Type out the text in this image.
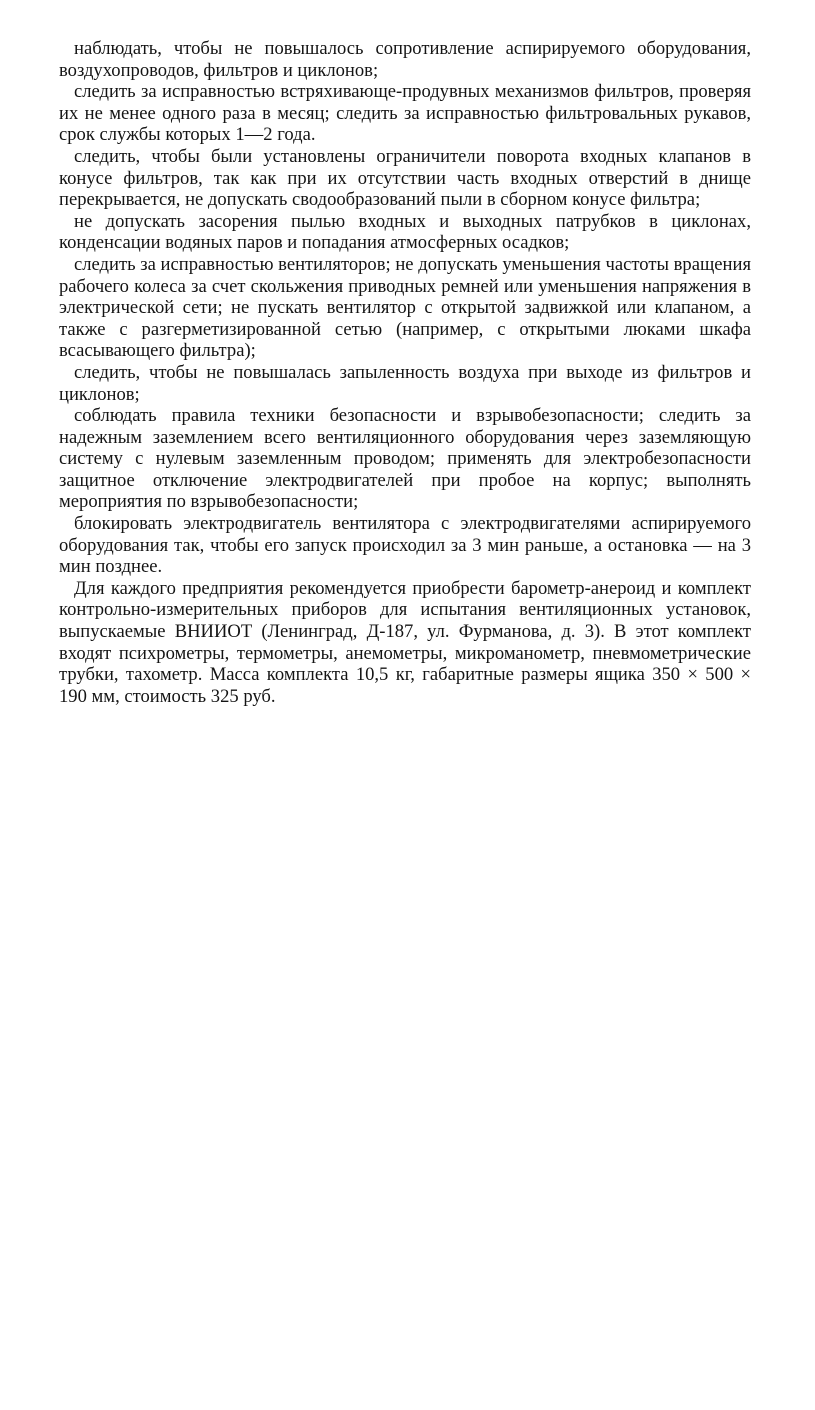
наблюдать, чтобы не повышалось сопротивление аспирируемого оборудования, воздухопроводов, фильтров и циклонов;

следить за исправностью встряхивающе-продувных механизмов фильтров, проверяя их не менее одного раза в месяц; следить за исправностью фильтровальных рукавов, срок службы которых 1—2 года.

следить, чтобы были установлены ограничители поворота входных клапанов в конусе фильтров, так как при их отсутствии часть входных отверстий в днище перекрывается, не допускать сводообразований пыли в сборном конусе фильтра;

не допускать засорения пылью входных и выходных патрубков в циклонах, конденсации водяных паров и попадания атмосферных осадков;

следить за исправностью вентиляторов; не допускать уменьшения частоты вращения рабочего колеса за счет скольжения приводных ремней или уменьшения напряжения в электрической сети; не пускать вентилятор с открытой задвижкой или клапаном, а также с разгерметизированной сетью (например, с открытыми люками шкафа всасывающего фильтра);

следить, чтобы не повышалась запыленность воздуха при выходе из фильтров и циклонов;

соблюдать правила техники безопасности и взрывобезопасности; следить за надежным заземлением всего вентиляционного оборудования через заземляющую систему с нулевым заземленным проводом; применять для электробезопасности защитное отключение электродвигателей при пробое на корпус; выполнять мероприятия по взрывобезопасности;

блокировать электродвигатель вентилятора с электродвигателями аспирируемого оборудования так, чтобы его запуск происходил за 3 мин раньше, а остановка — на 3 мин позднее.

Для каждого предприятия рекомендуется приобрести барометр-анероид и комплект контрольно-измерительных приборов для испытания вентиляционных установок, выпускаемые ВНИИОТ (Ленинград, Д-187, ул. Фурманова, д. 3). В этот комплект входят психрометры, термометры, анемометры, микроманометр, пневмометрические трубки, тахометр. Масса комплекта 10,5 кг, габаритные размеры ящика 350 × 500 × 190 мм, стоимость 325 руб.
